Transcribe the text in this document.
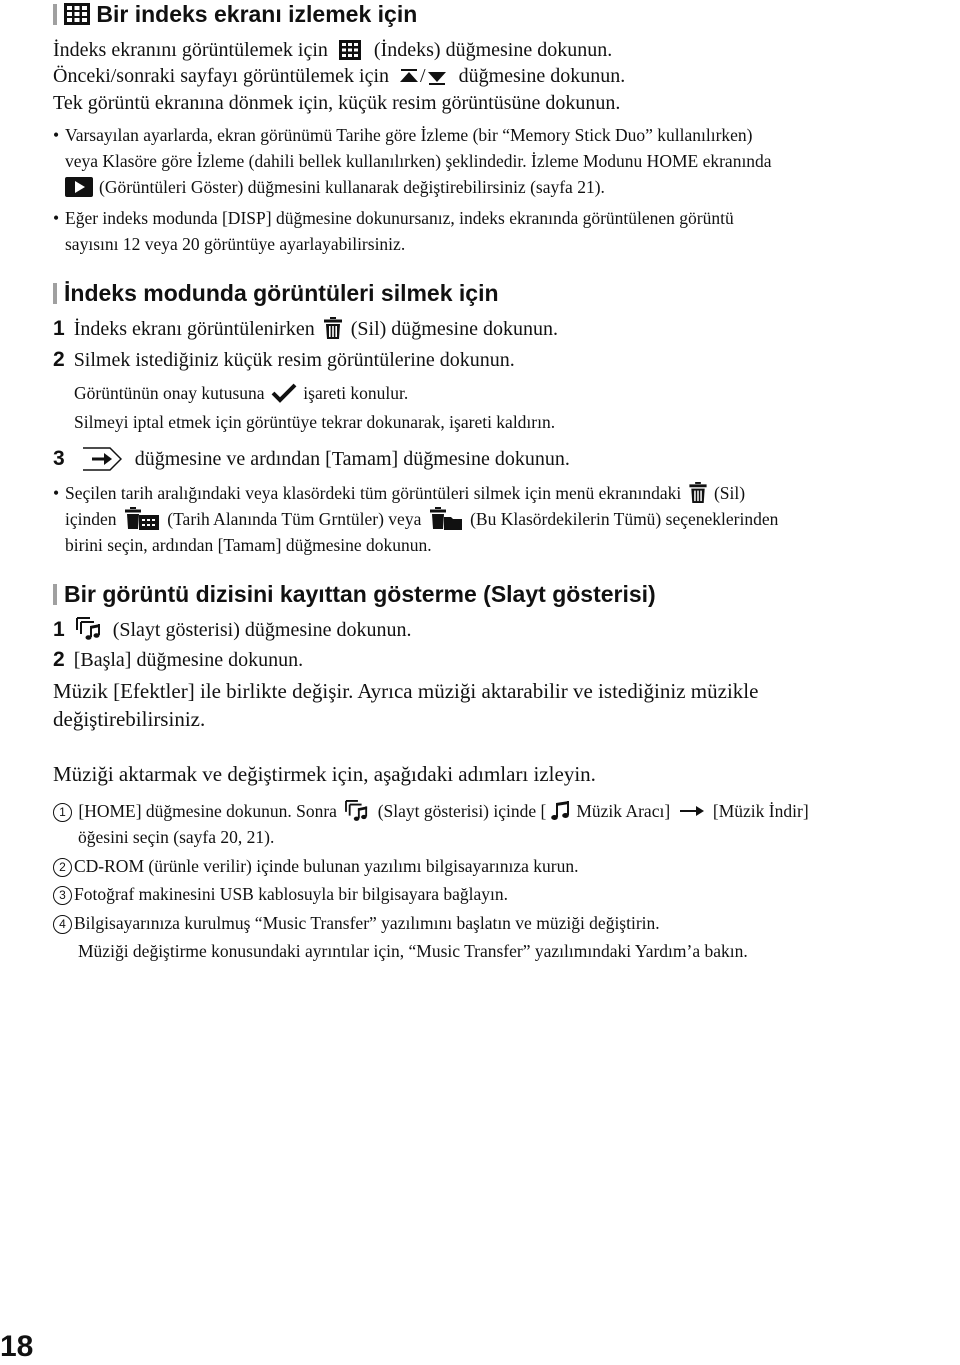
Bir indeks ekranı izlemek için
İndeks ekranını görüntülemek için (İndeks) düğmesine dokunun.
Önceki/sonraki sayfayı görüntülemek için / düğmesine dokunun.
Tek görüntü ekranına dönmek için, küçük resim görüntüsüne dokunun.
• Varsayılan ayarlarda, ekran görünümü Tarihe göre İzleme (bir “Memory Stick Duo” kullanılırken)
veya Klasöre göre İzleme (dahili bellek kullanılırken) şeklindedir. İzleme Modunu HOME ekranında
(Görüntüleri Göster) düğmesini kullanarak değiştirebilirsiniz (sayfa 21).
• Eğer indeks modunda [DISP] düğmesine dokunursanız, indeks ekranında görüntülenen görüntü
sayısını 12 veya 20 görüntüye ayarlayabilirsiniz.
İndeks modunda görüntüleri silmek için
1 İndeks ekranı görüntülenirken (Sil) düğmesine dokunun.
2 Silmek istediğiniz küçük resim görüntülerine dokunun.
Görüntünün onay kutusuna işareti konulur.
Silmeyi iptal etmek için görüntüye tekrar dokunarak, işareti kaldırın.
3	düğmesine ve ardından [Tamam] düğmesine dokunun.
• Seçilen tarih aralığındaki veya klasördeki tüm görüntüleri silmek için menü ekranındaki (Sil)
içinden	(Tarih Alanında Tüm Grntüler) veya	(Bu Klasördekilerin Tümü) seçeneklerinden
birini seçin, ardından [Tamam] düğmesine dokunun.
Bir görüntü dizisini kayıttan gösterme (Slayt gösterisi)
1 (Slayt gösterisi) düğmesine dokunun.
2 [Başla] düğmesine dokunun.
Müzik [Efektler] ile birlikte değişir. Ayrıca müziği aktarabilir ve istediğiniz müzikle
değiştirebilirsiniz.
Müziği aktarmak ve değiştirmek için, aşağıdaki adımları izleyin.
1 [HOME] düğmesine dokunun. Sonra (Slayt gösterisi) içinde [ Müzik Aracı] [Müzik İndir]
öğesini seçin (sayfa 20, 21).
2 CD-ROM (ürünle verilir) içinde bulunan yazılımı bilgisayarınıza kurun.
3 Fotoğraf makinesini USB kablosuyla bir bilgisayara bağlayın.
4 Bilgisayarınıza kurulmuş “Music Transfer” yazılımını başlatın ve müziği değiştirin.
Müziği değiştirme konusundaki ayrıntılar için, “Music Transfer” yazılımındaki Yardım’a bakın.
18
